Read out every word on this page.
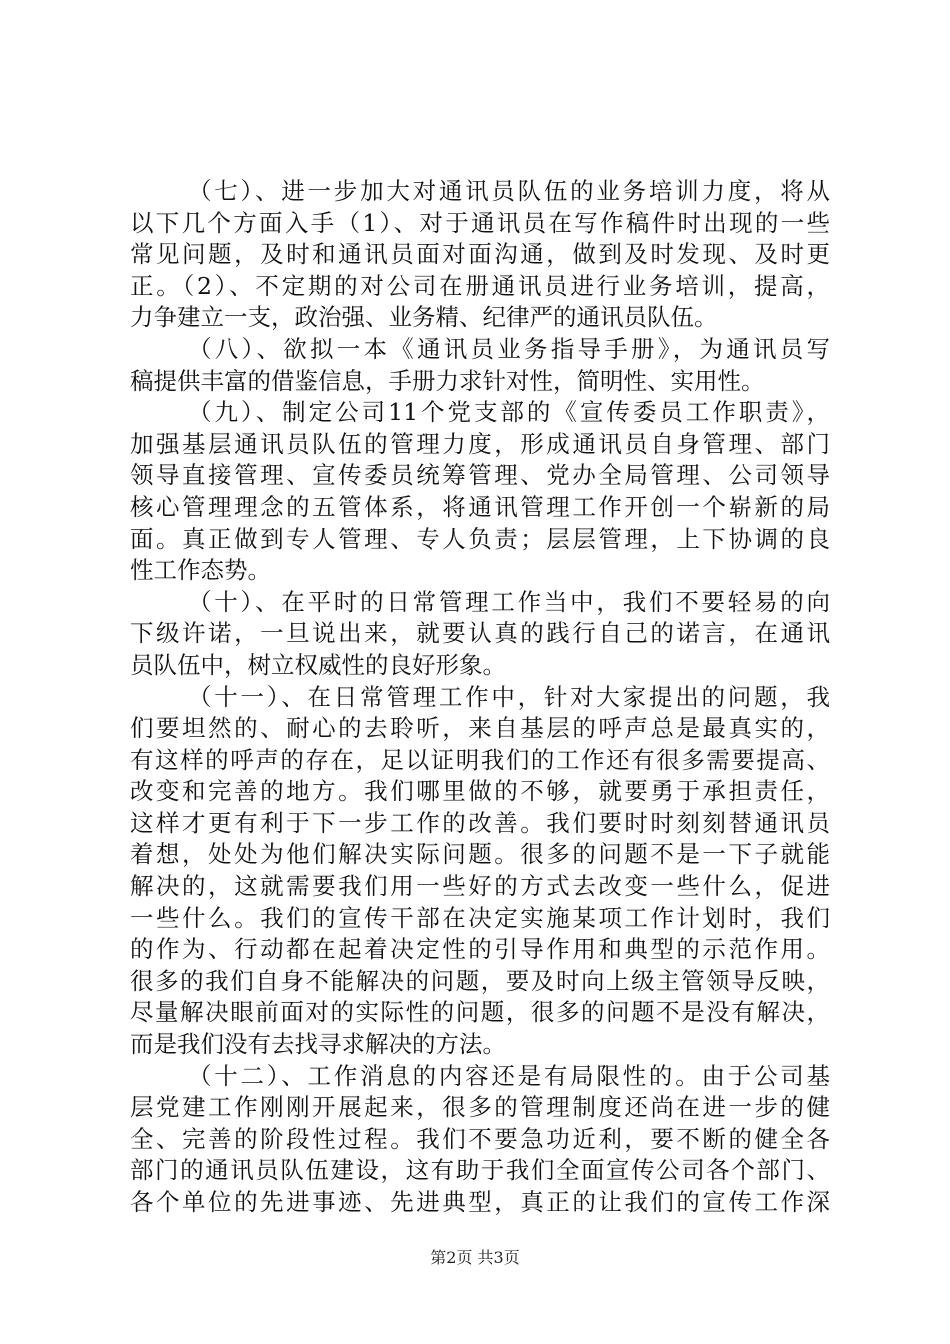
（七）、进一步加大对通讯员队伍的业务培训力度，将从
以下几个方面入手（1）、对于通讯员在写作稿件时出现的一些
常见问题，及时和通讯员面对面沟通，做到及时发现、及时更
正。（2）、不定期的对公司在册通讯员进行业务培训，提高，
力争建立一支，政治强、业务精、纪律严的通讯员队伍。
（八）、欲拟一本《通讯员业务指导手册》，为通讯员写
稿提供丰富的借鉴信息，手册力求针对性，简明性、实用性。
（九）、制定公司11个党支部的《宣传委员工作职责》，
加强基层通讯员队伍的管理力度，形成通讯员自身管理、部门
领导直接管理、宣传委员统筹管理、党办全局管理、公司领导
核心管理理念的五管体系，将通讯管理工作开创一个崭新的局
面。真正做到专人管理、专人负责；层层管理，上下协调的良
性工作态势。
（十）、在平时的日常管理工作当中，我们不要轻易的向
下级许诺，一旦说出来，就要认真的践行自己的诺言，在通讯
员队伍中，树立权威性的良好形象。
（十一）、在日常管理工作中，针对大家提出的问题，我
们要坦然的、耐心的去聆听，来自基层的呼声总是最真实的，
有这样的呼声的存在，足以证明我们的工作还有很多需要提高、
改变和完善的地方。我们哪里做的不够，就要勇于承担责任，
这样才更有利于下一步工作的改善。我们要时时刻刻替通讯员
着想，处处为他们解决实际问题。很多的问题不是一下子就能
解决的，这就需要我们用一些好的方式去改变一些什么，促进
一些什么。我们的宣传干部在决定实施某项工作计划时，我们
的作为、行动都在起着决定性的引导作用和典型的示范作用。
很多的我们自身不能解决的问题，要及时向上级主管领导反映，
尽量解决眼前面对的实际性的问题，很多的问题不是没有解决，
而是我们没有去找寻求解决的方法。
（十二）、工作消息的内容还是有局限性的。由于公司基
层党建工作刚刚开展起来，很多的管理制度还尚在进一步的健
全、完善的阶段性过程。我们不要急功近利，要不断的健全各
部门的通讯员队伍建设，这有助于我们全面宣传公司各个部门、
各个单位的先进事迹、先进典型，真正的让我们的宣传工作深
第2页 共3页
